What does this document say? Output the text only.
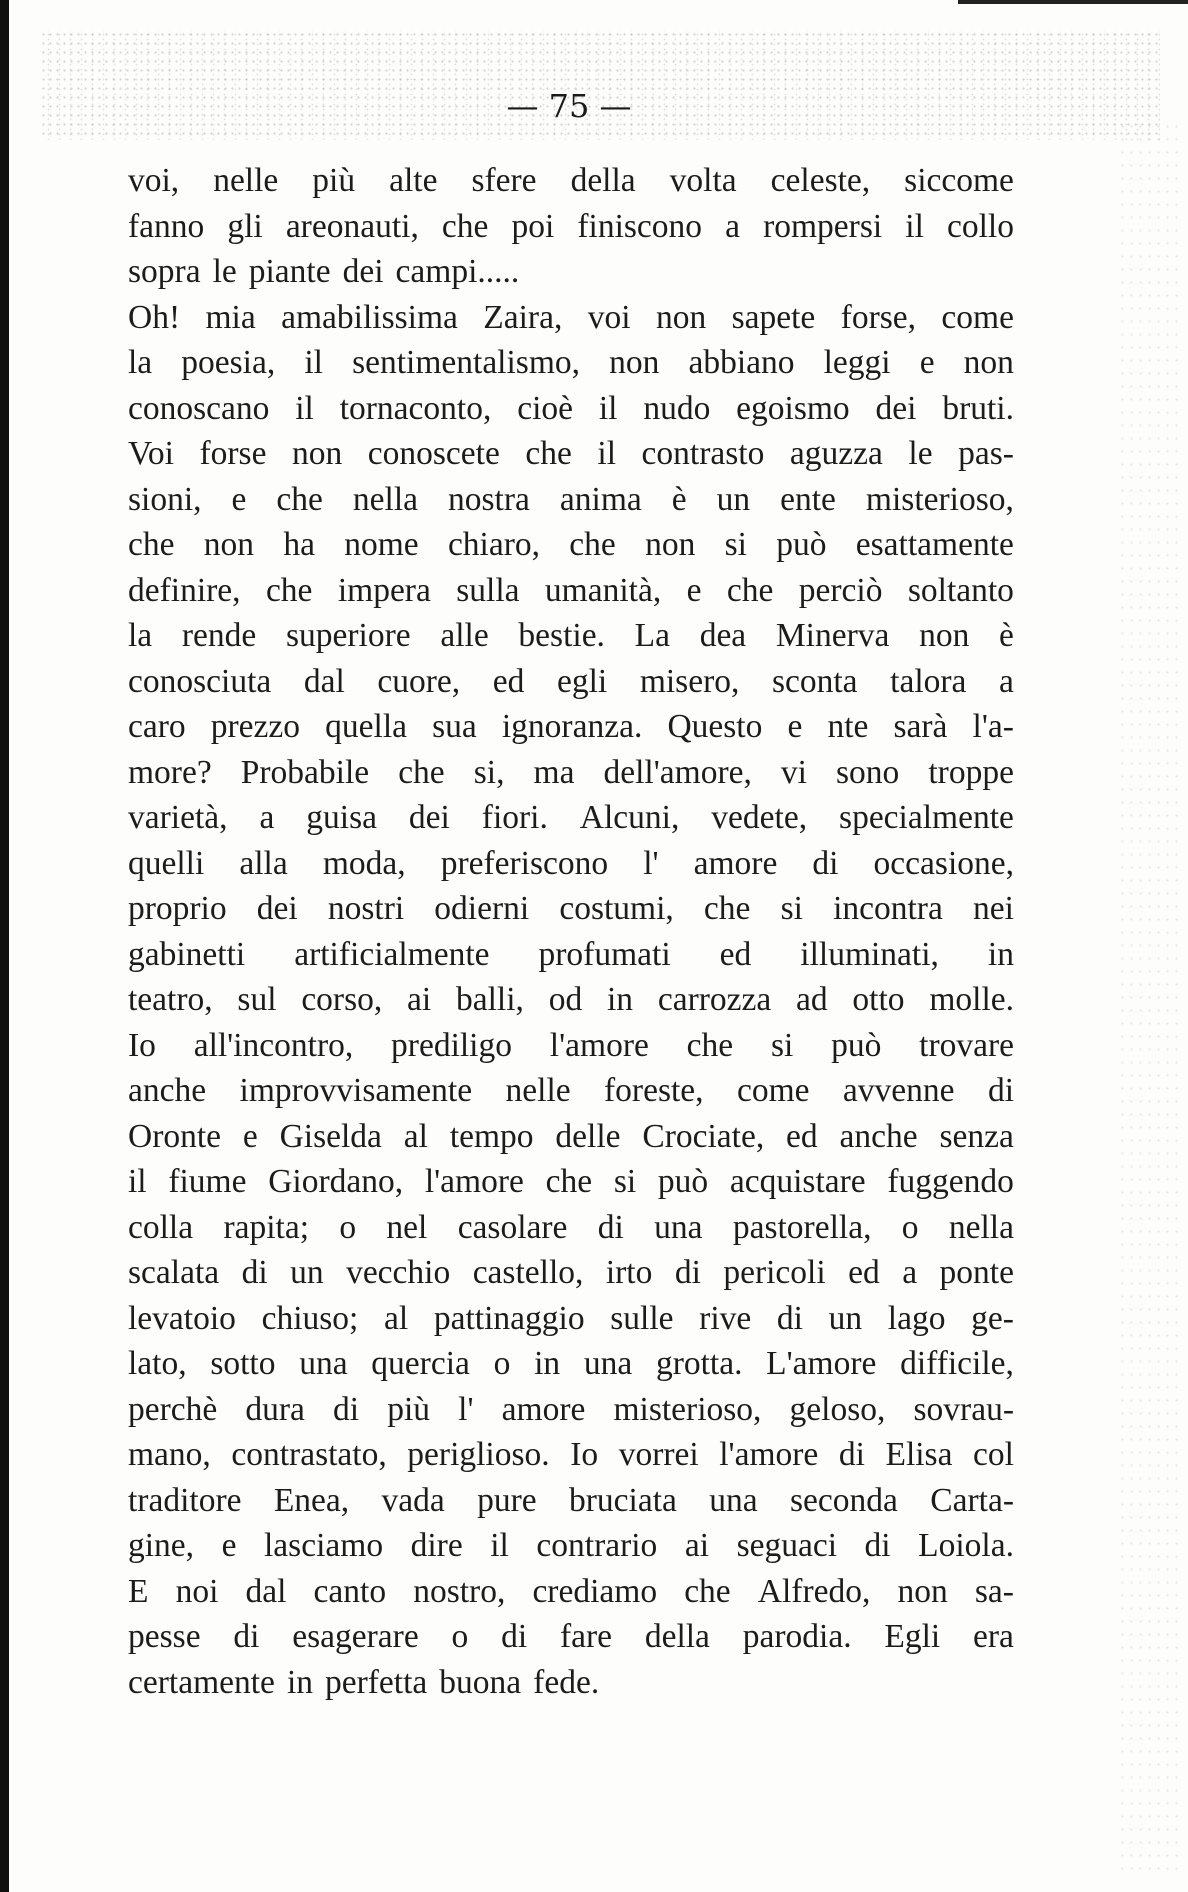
— 75 —
voi, nelle più alte sfere della volta celeste, siccome
fanno gli areonauti, che poi finiscono a rompersi il collo
sopra le piante dei campi.....
Oh! mia amabilissima Zaira, voi non sapete forse, come
la poesia, il sentimentalismo, non abbiano leggi e non
conoscano il tornaconto, cioè il nudo egoismo dei bruti.
Voi forse non conoscete che il contrasto aguzza le pas-
sioni, e che nella nostra anima è un ente misterioso,
che non ha nome chiaro, che non si può esattamente
definire, che impera sulla umanità, e che perciò soltanto
la rende superiore alle bestie. La dea Minerva non è
conosciuta dal cuore, ed egli misero, sconta talora a
caro prezzo quella sua ignoranza. Questo e nte sarà l'a-
more? Probabile che si, ma dell'amore, vi sono troppe
varietà, a guisa dei fiori. Alcuni, vedete, specialmente
quelli alla moda, preferiscono l' amore di occasione,
proprio dei nostri odierni costumi, che si incontra nei
gabinetti artificialmente profumati ed illuminati, in
teatro, sul corso, ai balli, od in carrozza ad otto molle.
Io all'incontro, prediligo l'amore che si può trovare
anche improvvisamente nelle foreste, come avvenne di
Oronte e Giselda al tempo delle Crociate, ed anche senza
il fiume Giordano, l'amore che si può acquistare fuggendo
colla rapita; o nel casolare di una pastorella, o nella
scalata di un vecchio castello, irto di pericoli ed a ponte
levatoio chiuso; al pattinaggio sulle rive di un lago ge-
lato, sotto una quercia o in una grotta. L'amore difficile,
perchè dura di più l' amore misterioso, geloso, sovrau-
mano, contrastato, periglioso. Io vorrei l'amore di Elisa col
traditore Enea, vada pure bruciata una seconda Carta-
gine, e lasciamo dire il contrario ai seguaci di Loiola.
E noi dal canto nostro, crediamo che Alfredo, non sa-
pesse di esagerare o di fare della parodia. Egli era
certamente in perfetta buona fede.
